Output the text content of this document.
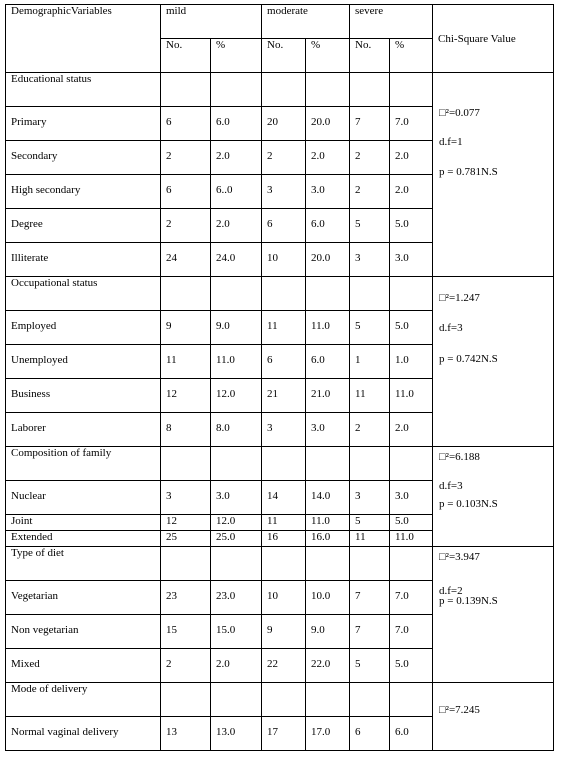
DemographicVariables	mild		moderate		severe		Chi-Square Value
	No.	%	No.	%	No.	%	
Educational status							□²=0.077
d.f=1
p = 0.781N.S

Primary	6	6.0	20	20.0	7	7.0	
Secondary	2	2.0	2	2.0	2	2.0	
High secondary	6	6..0	3	3.0	2	2.0	
Degree	2	2.0	6	6.0	5	5.0	
Illiterate	24	24.0	10	20.0	3	3.0	
Occupational status							□²=1.247
d.f=3
p = 0.742N.S

Employed	9	9.0	11	11.0	5	5.0	
Unemployed	11	11.0	6	6.0	1	1.0	
Business	12	12.0	21	21.0	11	11.0	
Laborer	8	8.0	3	3.0	2	2.0	
Composition of family							□²=6.188
d.f=3
p = 0.103N.S

Nuclear	3	3.0	14	14.0	3	3.0	
Joint	12	12.0	11	11.0	5	5.0	
Extended	25	25.0	16	16.0	11	11.0	
Type of diet							□²=3.947
d.f=2
p = 0.139N.S

Vegetarian	23	23.0	10	10.0	7	7.0	
Non vegetarian	15	15.0	9	9.0	7	7.0	
Mixed	2	2.0	22	22.0	5	5.0	
Mode of delivery							□²=7.245

Normal vaginal delivery	13	13.0	17	17.0	6	6.0	
